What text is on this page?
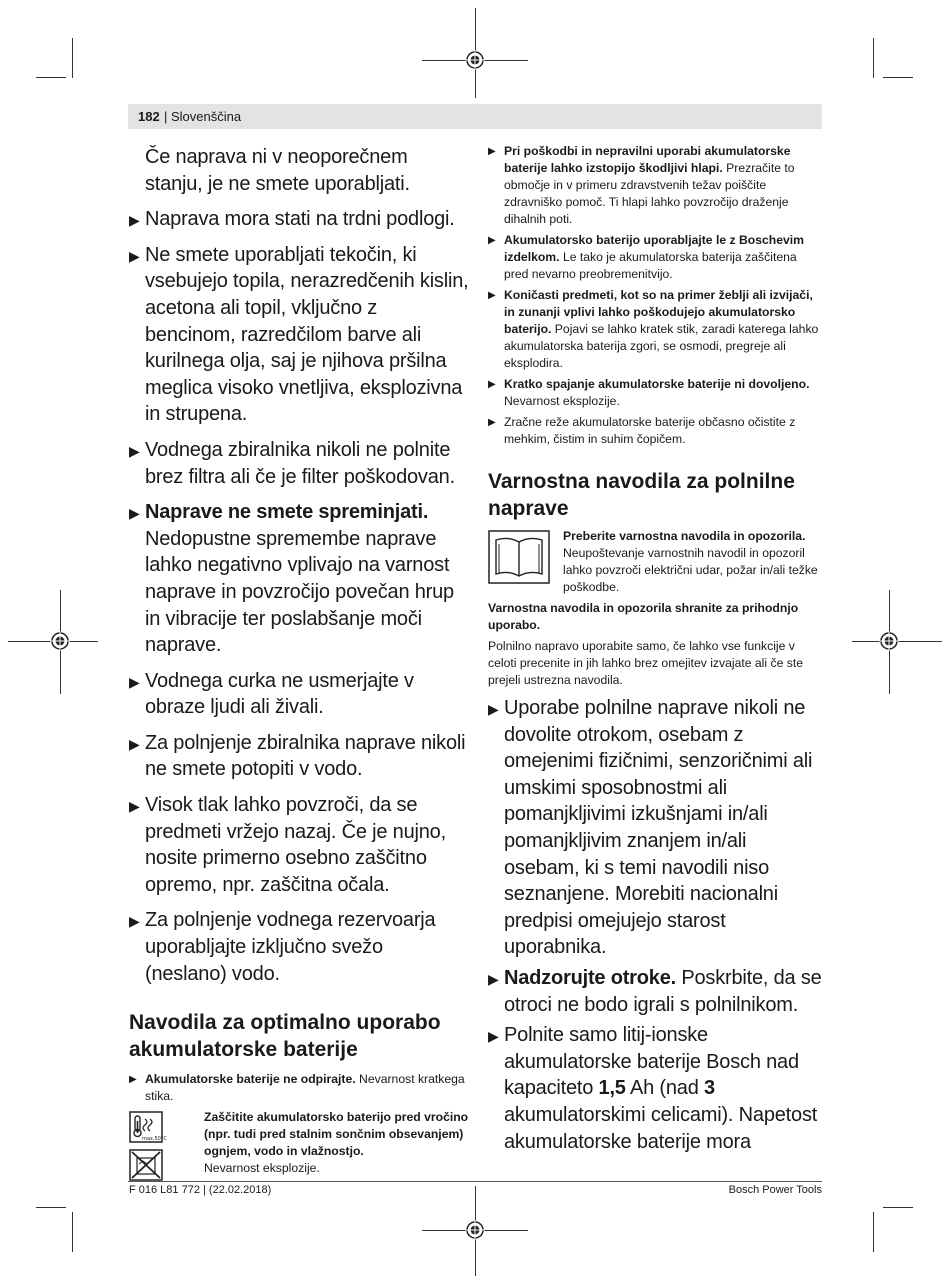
182 | Slovenščina

Če naprava ni v neoporečnem stanju, je ne smete uporabljati.

▶ Naprava mora stati na trdni podlogi.
▶ Ne smete uporabljati tekočin, ki vsebujejo topila, nerazredčenih kislin, acetona ali topil, vključno z bencinom, razredčilom barve ali kurilnega olja, saj je njihova pršilna meglica visoko vnetljiva, eksplozivna in strupena.
▶ Vodnega zbiralnika nikoli ne polnite brez filtra ali če je filter poškodovan.
▶ Naprave ne smete spreminjati.
Nedopustne spremembe naprave lahko negativno vplivajo na varnost naprave in povzročijo povečan hrup in vibracije ter poslabšanje moči naprave.
▶ Vodnega curka ne usmerjajte v obraze ljudi ali živali.
▶ Za polnjenje zbiralnika naprave nikoli ne smete potopiti v vodo.
▶ Visok tlak lahko povzroči, da se predmeti vržejo nazaj. Če je nujno, nosite primerno osebno zaščitno opremo, npr. zaščitna očala.
▶ Za polnjenje vodnega rezervoarja uporabljajte izključno svežo (neslano) vodo.
Navodila za optimalno uporabo akumulatorske baterije
▶ Akumulatorske baterije ne odpirajte. Nevarnost kratkega stika.
max.50°C
Zaščitite akumulatorsko baterijo pred vročino (npr. tudi pred stalnim sončnim obsevanjem) ognjem, vodo in vlažnostjo.
Nevarnost eksplozije.
▶ Pri poškodbi in nepravilni uporabi akumulatorske baterije lahko izstopijo škodljivi hlapi. Prezračite to območje in v primeru zdravstvenih težav poiščite zdravniško pomoč. Ti hlapi lahko povzročijo draženje dihalnih poti.
▶ Akumulatorsko baterijo uporabljajte le z Boschevim izdelkom. Le tako je akumulatorska baterija zaščitena pred nevarno preobremenitvijo.
▶ Koničasti predmeti, kot so na primer žeblji ali izvijači, in zunanji vplivi lahko poškodujejo akumulatorsko baterijo. Pojavi se lahko kratek stik, zaradi katerega lahko akumulatorska baterija zgori, se osmodi, pregreje ali eksplodira.
▶ Kratko spajanje akumulatorske baterije ni dovoljeno. Nevarnost eksplozije.
▶ Zračne reže akumulatorske baterije občasno očistite z mehkim, čistim in suhim čopičem.
Varnostna navodila za polnilne naprave
Preberite varnostna navodila in opozorila.
Neupoštevanje varnostnih navodil in opozoril lahko povzroči električni udar, požar in/ali težke poškodbe.
Varnostna navodila in opozorila shranite za prihodnjo uporabo.

Polnilno napravo uporabite samo, če lahko vse funkcije v celoti precenite in jih lahko brez omejitev izvajate ali če ste prejeli ustrezna navodila.

▶ Uporabe polnilne naprave nikoli ne dovolite otrokom, osebam z omejenimi fizičnimi, senzoričnimi ali umskimi sposobnostmi ali pomanjkljivimi izkušnjami in/ali pomanjkljivim znanjem in/ali osebam, ki s temi navodili niso seznanjene. Morebiti nacionalni predpisi omejujejo starost uporabnika.
▶ Nadzorujte otroke. Poskrbite, da se otroci ne bodo igrali s polnilnikom.
▶ Polnite samo litij-ionske akumulatorske baterije Bosch nad kapaciteto 1,5 Ah (nad 3 akumulatorskimi celicami). Napetost akumulatorske baterije mora
F 016 L81 772 | (22.02.2018)	Bosch Power Tools
